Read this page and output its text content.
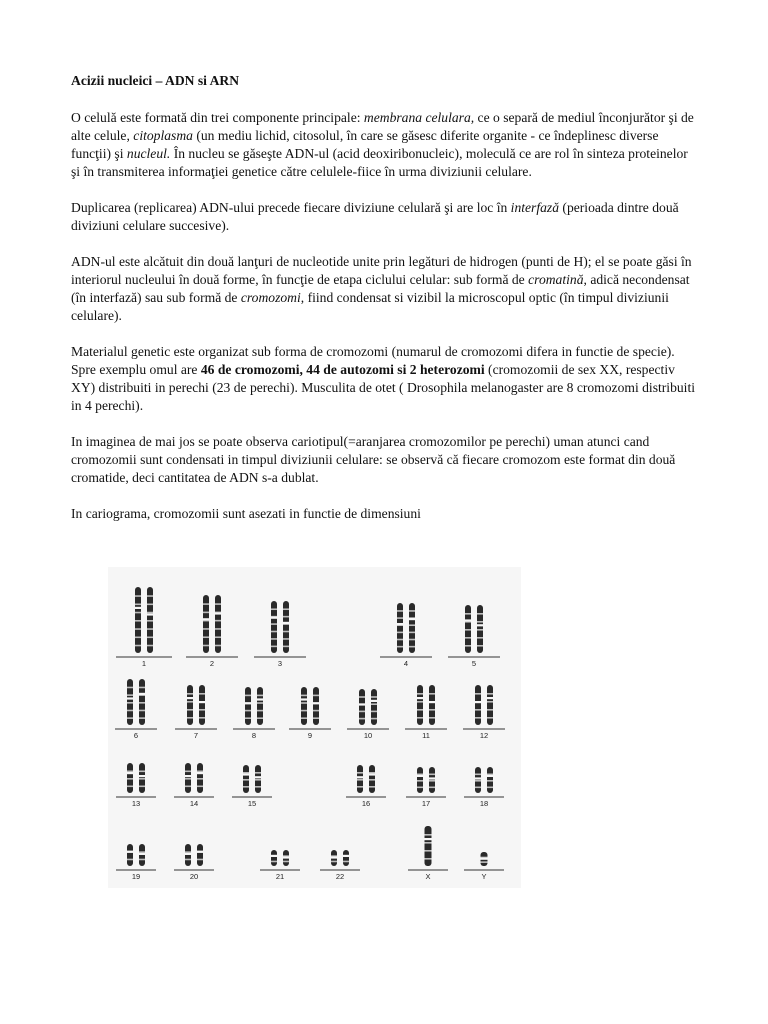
Acizii nucleici – ADN si ARN

O celulă este formată din trei componente principale: membrana celulara, ce o separă de mediul înconjurător şi de alte celule, citoplasma (un mediu lichid, citosolul, în care se găsesc diferite organite - ce îndeplinesc diverse funcţii) şi nucleul. În nucleu se găseşte ADN-ul (acid deoxiribonucleic), moleculă ce are rol în sinteza proteinelor şi în transmiterea informaţiei genetice către celulele-fiice în urma diviziunii celulare.

Duplicarea (replicarea) ADN-ului precede fiecare diviziune celulară şi are loc în interfază (perioada dintre două diviziuni celulare succesive).

ADN-ul este alcătuit din două lanţuri de nucleotide unite prin legături de hidrogen (punti de H); el se poate găsi în interiorul nucleului în două forme, în funcţie de etapa ciclului celular: sub formă de cromatină, adică necondensat (în interfază) sau sub formă de cromozomi, fiind condensat si vizibil la microscopul optic (în timpul diviziunii celulare).

Materialul genetic este organizat sub forma de cromozomi (numarul de cromozomi difera in functie de specie). Spre exemplu omul are 46 de cromozomi, 44 de autozomi si 2 heterozomi (cromozomii de sex XX, respectiv XY) distribuiti in perechi (23 de perechi). Musculita de otet ( Drosophila melanogaster are 8 cromozomi distribuiti in 4 perechi).

In imaginea de mai jos se poate observa cariotipul(=aranjarea cromozomilor pe perechi) uman atunci cand cromozomii sunt condensati in timpul diviziunii celulare: se observă că fiecare cromozom este format din două cromatide, deci cantitatea de ADN s-a dublat.

In cariograma, cromozomii sunt asezati in functie de dimensiuni

1	2	3	4	5
6	7	8	9	10	11	12
13	14	15	16	17	18
19	20	21	22	X	Y
